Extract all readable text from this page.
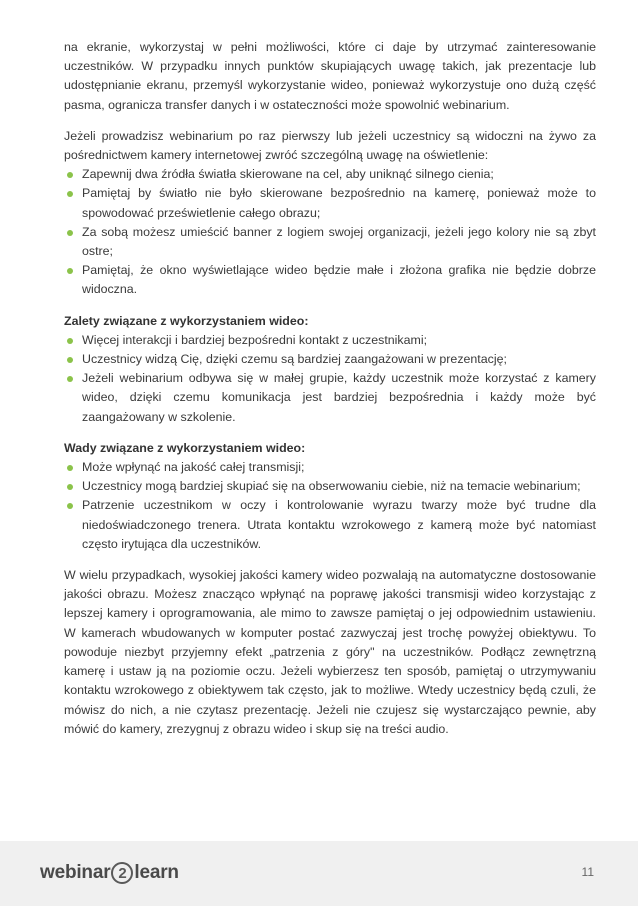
na ekranie, wykorzystaj w pełni możliwości, które ci daje by utrzymać zainteresowanie uczestników. W przypadku innych punktów skupiających uwagę takich, jak prezentacje lub udostępnianie ekranu, przemyśl wykorzystanie wideo, ponieważ wykorzystuje ono dużą część pasma, ogranicza transfer danych i w ostateczności może spowolnić webinarium.

Jeżeli prowadzisz webinarium po raz pierwszy lub jeżeli uczestnicy są widoczni na żywo za pośrednictwem kamery internetowej zwróć szczególną uwagę na oświetlenie:

Zapewnij dwa źródła światła skierowane na cel, aby uniknąć silnego cienia;
Pamiętaj by światło nie było skierowane bezpośrednio na kamerę, ponieważ może to spowodować prześwietlenie całego obrazu;
Za sobą możesz umieścić banner z logiem swojej organizacji, jeżeli jego kolory nie są zbyt ostre;
Pamiętaj, że okno wyświetlające wideo będzie małe i złożona grafika nie będzie dobrze widoczna.

Zalety związane z wykorzystaniem wideo:

Więcej interakcji i bardziej bezpośredni kontakt z uczestnikami;
Uczestnicy widzą Cię, dzięki czemu są bardziej zaangażowani w prezentację;
Jeżeli webinarium odbywa się w małej grupie, każdy uczestnik może korzystać z kamery wideo, dzięki czemu komunikacja jest bardziej bezpośrednia i każdy może być zaangażowany w szkolenie.

Wady związane z wykorzystaniem wideo:

Może wpłynąć na jakość całej transmisji;
Uczestnicy mogą bardziej skupiać się na obserwowaniu ciebie, niż na temacie webinarium;
Patrzenie uczestnikom w oczy i kontrolowanie wyrazu twarzy może być trudne dla niedoświadczonego trenera. Utrata kontaktu wzrokowego z kamerą może być natomiast często irytująca dla uczestników.

W wielu przypadkach, wysokiej jakości kamery wideo pozwalają na automatyczne dostosowanie jakości obrazu. Możesz znacząco wpłynąć na poprawę jakości transmisji wideo korzystając z lepszej kamery i oprogramowania, ale mimo to zawsze pamiętaj o jej odpowiednim ustawieniu. W kamerach wbudowanych w komputer postać zazwyczaj jest trochę powyżej obiektywu. To powoduje niezbyt przyjemny efekt „patrzenia z góry" na uczestników. Podłącz zewnętrzną kamerę i ustaw ją na poziomie oczu. Jeżeli wybierzesz ten sposób, pamiętaj o utrzymywaniu kontaktu wzrokowego z obiektywem tak często, jak to możliwe. Wtedy uczestnicy będą czuli, że mówisz do nich, a nie czytasz prezentację. Jeżeli nie czujesz się wystarczająco pewnie, aby mówić do kamery, zrezygnuj z obrazu wideo i skup się na treści audio.

webinar 2 learn	11
